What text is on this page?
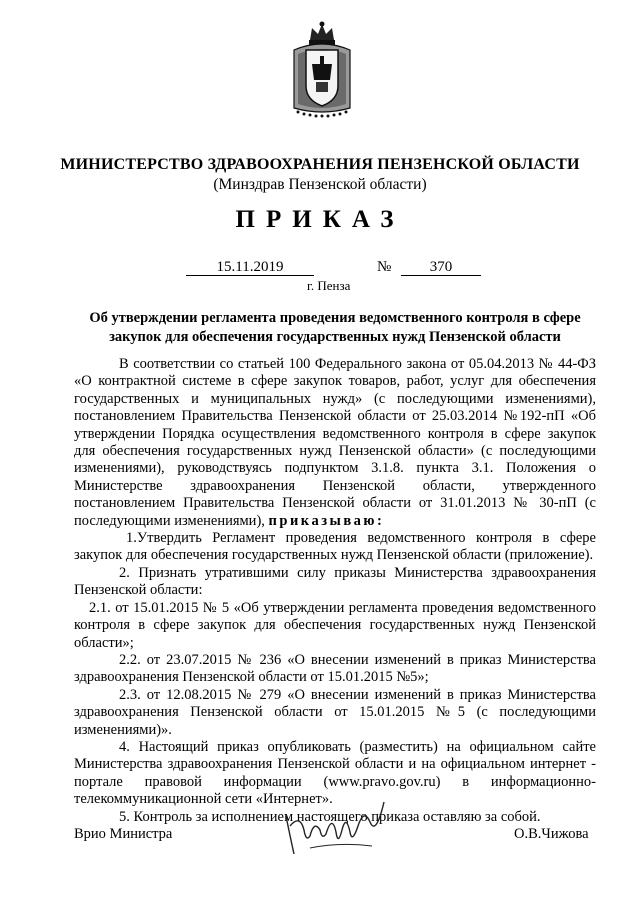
МИНИСТЕРСТВО ЗДРАВООХРАНЕНИЯ ПЕНЗЕНСКОЙ ОБЛАСТИ
(Минздрав Пензенской области)
ПРИКАЗ
15.11.2019	№	370
г. Пенза
Об утверждении регламента проведения ведомственного контроля в сфере
закупок для обеспечения государственных нужд Пензенской области

В соответствии со статьей 100 Федерального закона от 05.04.2013 № 44-ФЗ «О контрактной системе в сфере закупок товаров, работ, услуг для обеспечения государственных и муниципальных нужд» (с последующими изменениями), постановлением Правительства Пензенской области от 25.03.2014 №192-пП «Об утверждении Порядка осуществления ведомственного контроля в сфере закупок для обеспечения государственных нужд Пензенской области» (с последующими изменениями), руководствуясь подпунктом 3.1.8. пункта 3.1. Положения о Министерстве здравоохранения Пензенской области, утвержденного постановлением Правительства Пензенской области от 31.01.2013 № 30-пП (с последующими изменениями), приказываю:

1.Утвердить Регламент проведения ведомственного контроля в сфере закупок для обеспечения государственных нужд Пензенской области (приложение).

2. Признать утратившими силу приказы Министерства здравоохранения Пензенской области:

2.1. от 15.01.2015 № 5 «Об утверждении регламента проведения ведомственного контроля в сфере закупок для обеспечения государственных нужд Пензенской области»;

2.2. от 23.07.2015 № 236 «О внесении изменений в приказ Министерства здравоохранения Пензенской области от 15.01.2015 №5»;

2.3. от 12.08.2015 № 279 «О внесении изменений в приказ Министерства здравоохранения Пензенской области от 15.01.2015 №5 (с последующими изменениями)».

4. Настоящий приказ опубликовать (разместить) на официальном сайте Министерства здравоохранения Пензенской области и на официальном интернет - портале правовой информации (www.pravo.gov.ru) в информационно-телекоммуникационной сети «Интернет».

5. Контроль за исполнением настоящего приказа оставляю за собой.

Врио Министра	О.В.Чижова
